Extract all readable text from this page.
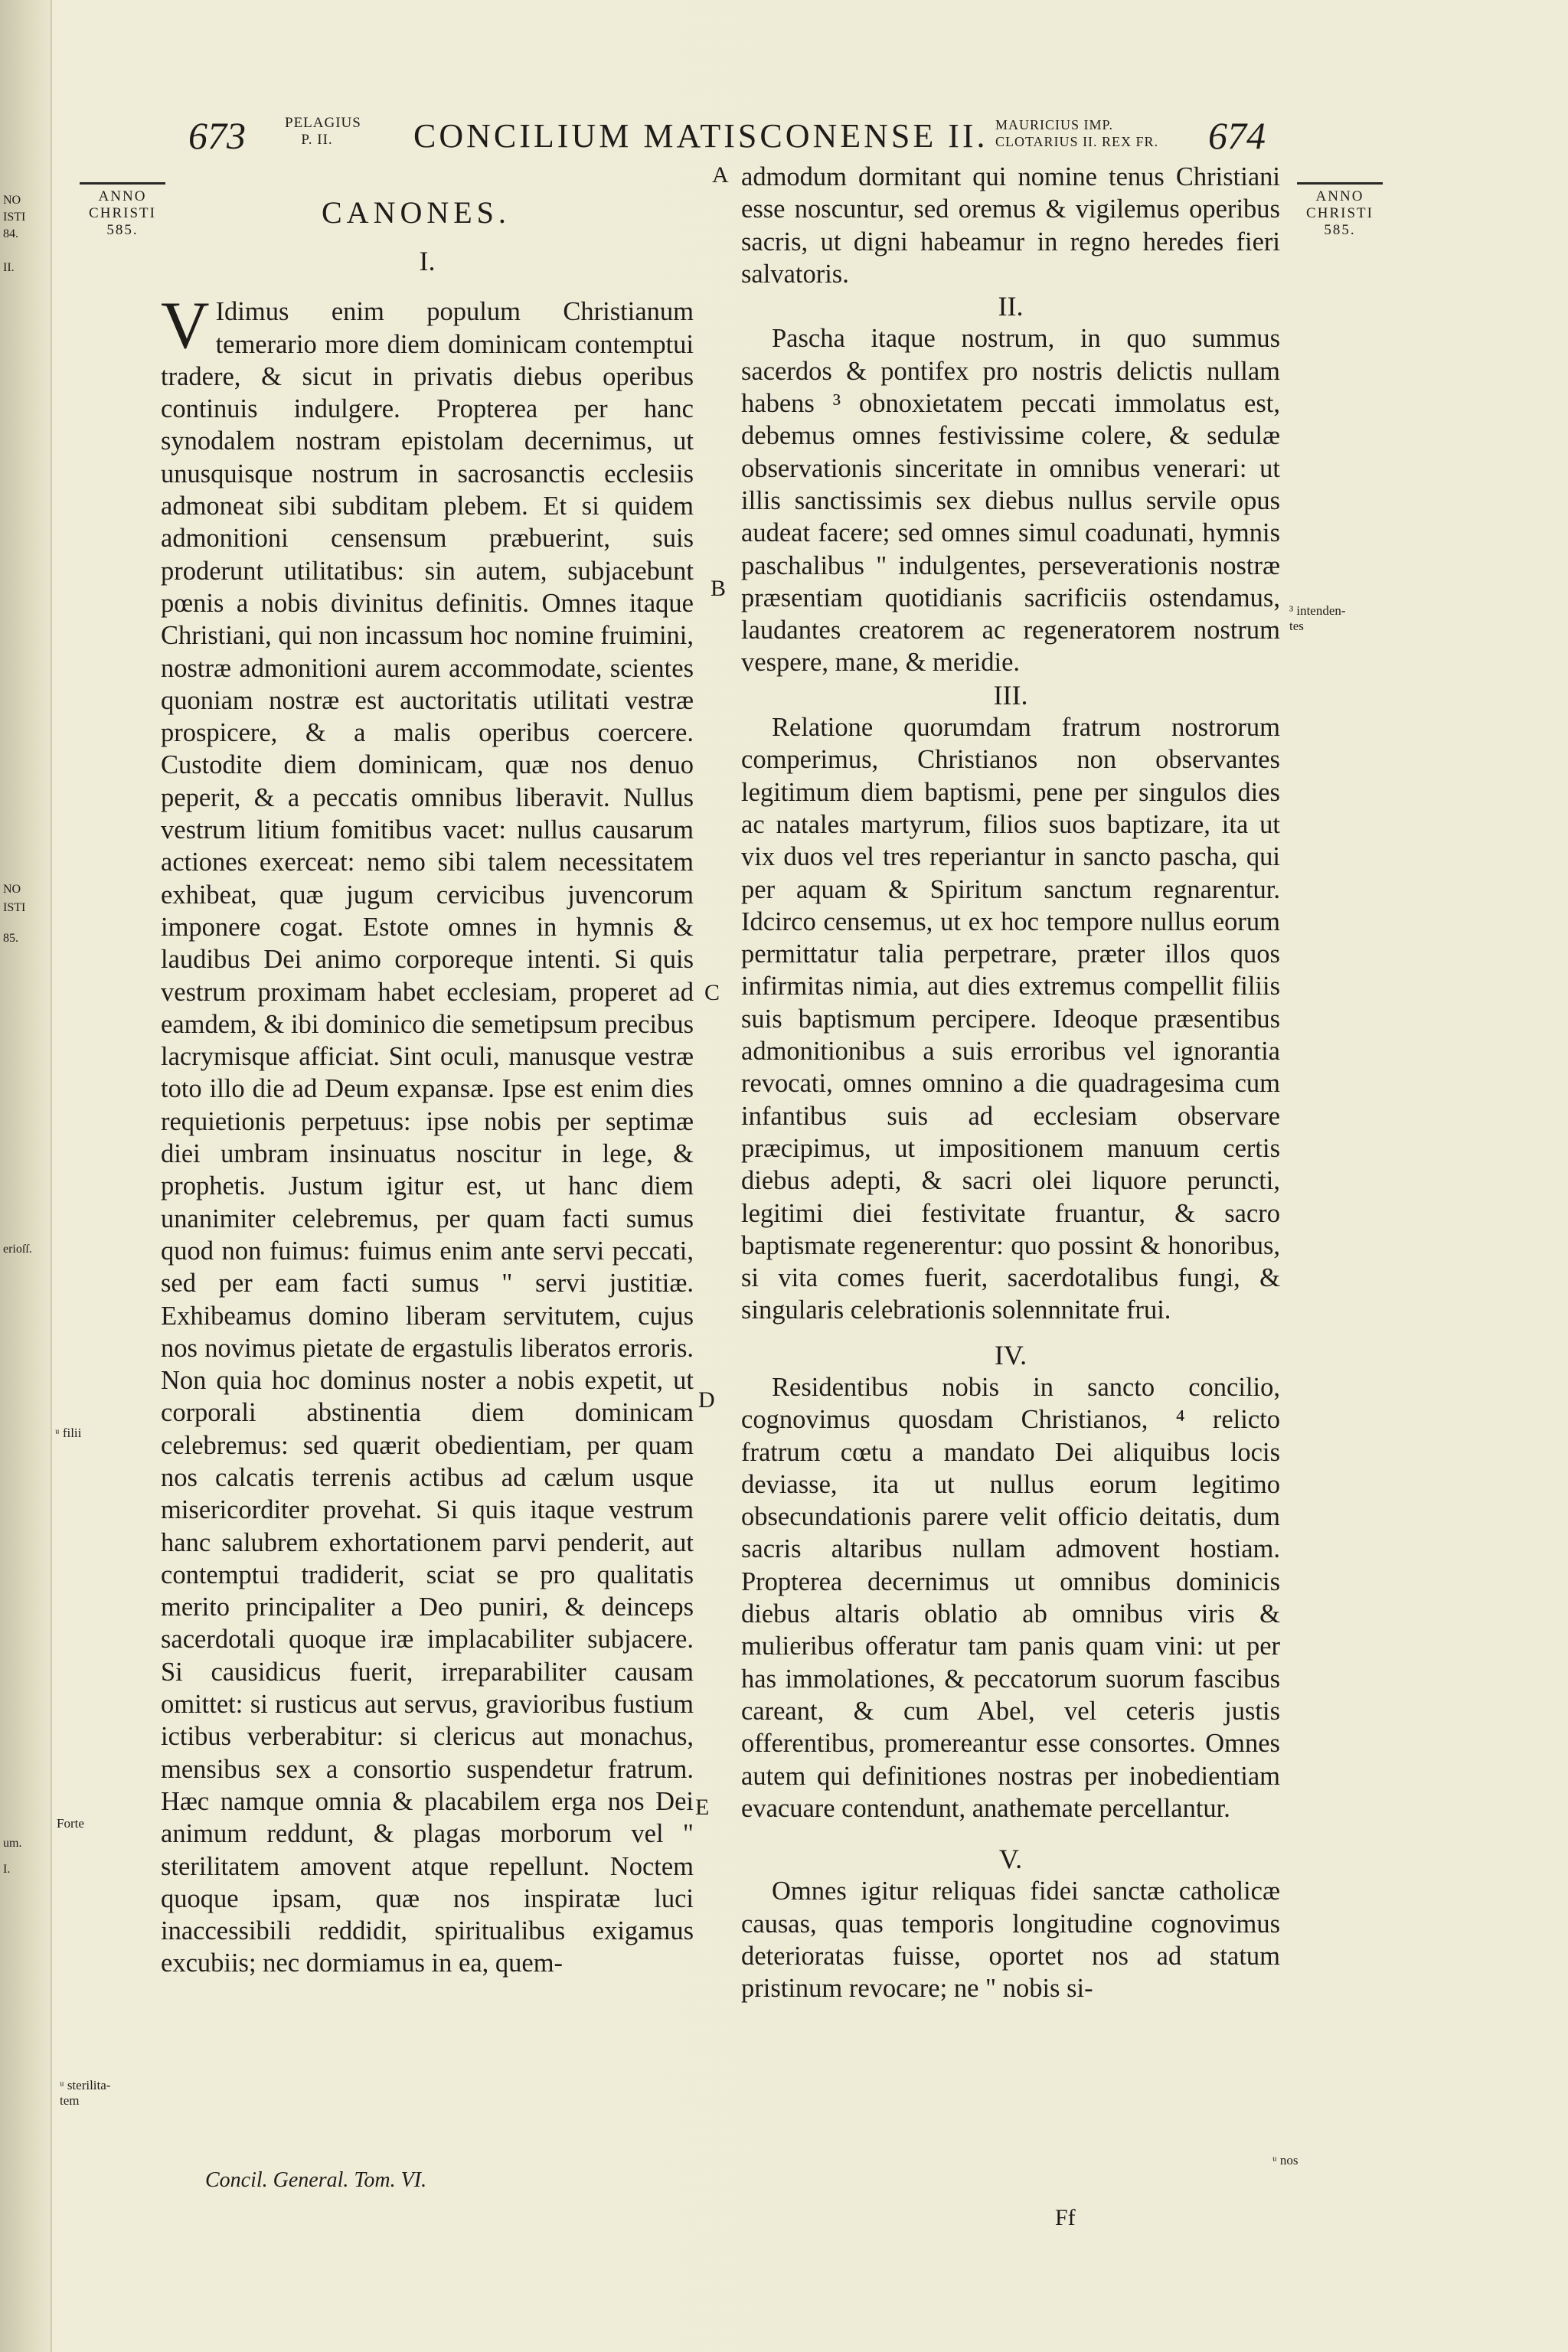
NO
ISTI
84.
II.
NO
ISTI
85.
erioſſ.
um.
I.
673	PELAGIUS
P. II.	CONCILIUM MATISCONENSE II. MAURICIUS IMP.
CLOTARIUS II. REX FR. 674
ANNO
CHRISTI
585.
ANNO
CHRISTI
585.
A
B
C
D
E
³ intenden-
tes
ᵘ filii
ᵘ sterilita-
tem
ᵘ nos
Forte

CANONES.

I.

V Idimus enim populum Christianum temerario more diem dominicam contemptui tradere, & sicut in privatis diebus operibus continuis indulgere. Propterea per hanc synodalem nostram epistolam decernimus, ut unusquisque nostrum in sacrosanctis ecclesiis admoneat sibi subditam plebem. Et si quidem admonitioni censensum præbuerint, suis proderunt utilitatibus: sin autem, subjacebunt pœnis a nobis divinitus definitis. Omnes itaque Christiani, qui non incassum hoc nomine fruimini, nostræ admonitioni aurem accommodate, scientes quoniam nostræ est auctoritatis utilitati vestræ prospicere, & a malis operibus coercere. Custodite diem dominicam, quæ nos denuo peperit, & a peccatis omnibus liberavit. Nullus vestrum litium fomitibus vacet: nullus causarum actiones exerceat: nemo sibi talem necessitatem exhibeat, quæ jugum cervicibus juvencorum imponere cogat. Estote omnes in hymnis & laudibus Dei animo corporeque intenti. Si quis vestrum proximam habet ecclesiam, properet ad eamdem, & ibi dominico die semetipsum precibus lacrymisque afficiat. Sint oculi, manusque vestræ toto illo die ad Deum expansæ. Ipse est enim dies requietionis perpetuus: ipse nobis per septimæ diei umbram insinuatus noscitur in lege, & prophetis. Justum igitur est, ut hanc diem unanimiter celebremus, per quam facti sumus quod non fuimus: fuimus enim ante servi peccati, sed per eam facti sumus " servi justitiæ. Exhibeamus domino liberam servitutem, cujus nos novimus pietate de ergastulis liberatos erroris. Non quia hoc dominus noster a nobis expetit, ut corporali abstinentia diem dominicam celebremus: sed quærit obedientiam, per quam nos calcatis terrenis actibus ad cælum usque misericorditer provehat. Si quis itaque vestrum hanc salubrem exhortationem parvi penderit, aut contemptui tradiderit, sciat se pro qualitatis merito principaliter a Deo puniri, & deinceps sacerdotali quoque iræ implacabiliter subjacere. Si causidicus fuerit, irreparabiliter causam omittet: si rusticus aut servus, gravioribus fustium ictibus verberabitur: si clericus aut monachus, mensibus sex a consortio suspendetur fratrum. Hæc namque omnia & placabilem erga nos Dei animum reddunt, & plagas morborum vel " sterilitatem amovent atque repellunt. Noctem quoque ipsam, quæ nos inspiratæ luci inaccessibili reddidit, spiritualibus exigamus excubiis; nec dormiamus in ea, quem-

Concil. General. Tom. VI.

admodum dormitant qui nomine tenus Christiani esse noscuntur, sed oremus & vigilemus operibus sacris, ut digni habeamur in regno heredes fieri salvatoris.

II.

Pascha itaque nostrum, in quo summus sacerdos & pontifex pro nostris delictis nullam habens ³ obnoxietatem peccati immolatus est, debemus omnes festivissime colere, & sedulæ observationis sinceritate in omnibus venerari: ut illis sanctissimis sex diebus nullus servile opus audeat facere; sed omnes simul coadunati, hymnis paschalibus " indulgentes, perseverationis nostræ præsentiam quotidianis sacrificiis ostendamus, laudantes creatorem ac regeneratorem nostrum vespere, mane, & meridie.

III.

Relatione quorumdam fratrum nostrorum comperimus, Christianos non observantes legitimum diem baptismi, pene per singulos dies ac natales martyrum, filios suos baptizare, ita ut vix duos vel tres reperiantur in sancto pascha, qui per aquam & Spiritum sanctum regnarentur. Idcirco censemus, ut ex hoc tempore nullus eorum permittatur talia perpetrare, præter illos quos infirmitas nimia, aut dies extremus compellit filiis suis baptismum percipere. Ideoque præsentibus admonitionibus a suis erroribus vel ignorantia revocati, omnes omnino a die quadragesima cum infantibus suis ad ecclesiam observare præcipimus, ut impositionem manuum certis diebus adepti, & sacri olei liquore peruncti, legitimi diei festivitate fruantur, & sacro baptismate regenerentur: quo possint & honoribus, si vita comes fuerit, sacerdotalibus fungi, & singularis celebrationis solennnitate frui.

IV.

Residentibus nobis in sancto concilio, cognovimus quosdam Christianos, ⁴ relicto fratrum cœtu a mandato Dei aliquibus locis deviasse, ita ut nullus eorum legitimo obsecundationis parere velit officio deitatis, dum sacris altaribus nullam admovent hostiam. Propterea decernimus ut omnibus dominicis diebus altaris oblatio ab omnibus viris & mulieribus offeratur tam panis quam vini: ut per has immolationes, & peccatorum suorum fascibus careant, & cum Abel, vel ceteris justis offerentibus, promereantur esse consortes. Omnes autem qui definitiones nostras per inobedientiam evacuare contendunt, anathemate percellantur.

V.

Omnes igitur reliquas fidei sanctæ catholicæ causas, quas temporis longitudine cognovimus deterioratas fuisse, oportet nos ad statum pristinum revocare; ne " nobis si-

Ff
